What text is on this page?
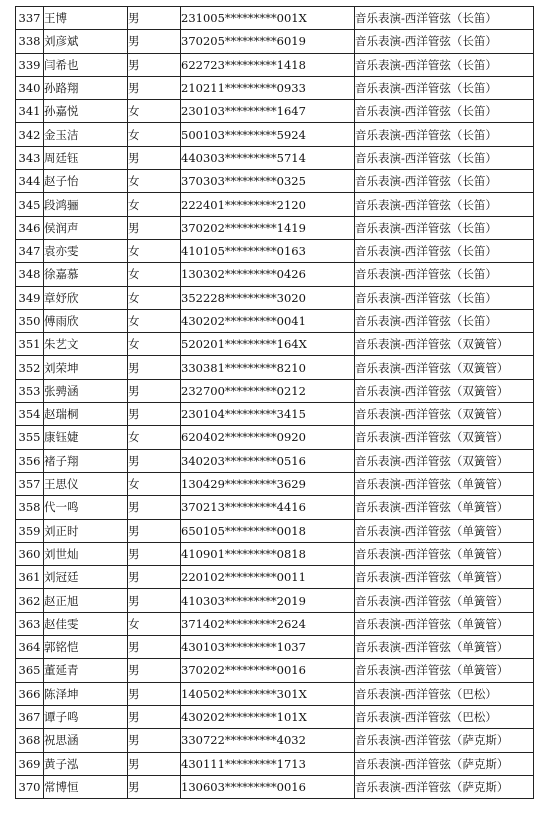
337	王博	男	231005*********001X	音乐表演-西洋管弦（长笛）
338	刘彦斌	男	370205*********6019	音乐表演-西洋管弦（长笛）
339	闫希也	男	622723*********1418	音乐表演-西洋管弦（长笛）
340	孙路翔	男	210211*********0933	音乐表演-西洋管弦（长笛）
341	孙嘉悦	女	230103*********1647	音乐表演-西洋管弦（长笛）
342	金玉洁	女	500103*********5924	音乐表演-西洋管弦（长笛）
343	周廷钰	男	440303*********5714	音乐表演-西洋管弦（长笛）
344	赵子怡	女	370303*********0325	音乐表演-西洋管弦（长笛）
345	段鸿骊	女	222401*********2120	音乐表演-西洋管弦（长笛）
346	侯润声	男	370202*********1419	音乐表演-西洋管弦（长笛）
347	袁亦雯	女	410105*********0163	音乐表演-西洋管弦（长笛）
348	徐嘉慕	女	130302*********0426	音乐表演-西洋管弦（长笛）
349	章妤欣	女	352228*********3020	音乐表演-西洋管弦（长笛）
350	傅雨欣	女	430202*********0041	音乐表演-西洋管弦（长笛）
351	朱艺文	女	520201*********164X	音乐表演-西洋管弦（双簧管）
352	刘荣坤	男	330381*********8210	音乐表演-西洋管弦（双簧管）
353	张骋涵	男	232700*********0212	音乐表演-西洋管弦（双簧管）
354	赵瑞桐	男	230104*********3415	音乐表演-西洋管弦（双簧管）
355	康钰婕	女	620402*********0920	音乐表演-西洋管弦（双簧管）
356	褚子翔	男	340203*********0516	音乐表演-西洋管弦（双簧管）
357	王思仪	女	130429*********3629	音乐表演-西洋管弦（单簧管）
358	代一鸣	男	370213*********4416	音乐表演-西洋管弦（单簧管）
359	刘正时	男	650105*********0018	音乐表演-西洋管弦（单簧管）
360	刘世灿	男	410901*********0818	音乐表演-西洋管弦（单簧管）
361	刘冠廷	男	220102*********0011	音乐表演-西洋管弦（单簧管）
362	赵正旭	男	410303*********2019	音乐表演-西洋管弦（单簧管）
363	赵佳雯	女	371402*********2624	音乐表演-西洋管弦（单簧管）
364	郭铭恺	男	430103*********1037	音乐表演-西洋管弦（单簧管）
365	董延青	男	370202*********0016	音乐表演-西洋管弦（单簧管）
366	陈泽坤	男	140502*********301X	音乐表演-西洋管弦（巴松）
367	谭子鸣	男	430202*********101X	音乐表演-西洋管弦（巴松）
368	祝思涵	男	330722*********4032	音乐表演-西洋管弦（萨克斯）
369	黄子泓	男	430111*********1713	音乐表演-西洋管弦（萨克斯）
370	常博恒	男	130603*********0016	音乐表演-西洋管弦（萨克斯）
